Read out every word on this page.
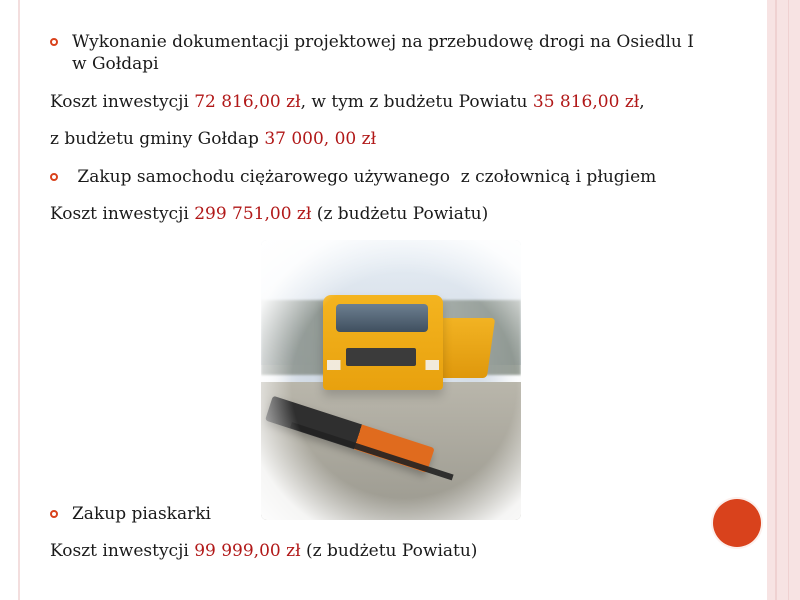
Wykonanie dokumentacji projektowej na przebudowę drogi na Osiedlu I
w Gołdapi
Koszt inwestycji 72 816,00 zł, w tym z budżetu Powiatu 35 816,00 zł,
z budżetu gminy Gołdap 37 000, 00 zł
Zakup samochodu ciężarowego używanego  z czołownicą i pługiem
Koszt inwestycji 299 751,00 zł (z budżetu Powiatu)
Zakup piaskarki
Koszt inwestycji 99 999,00 zł (z budżetu Powiatu)
